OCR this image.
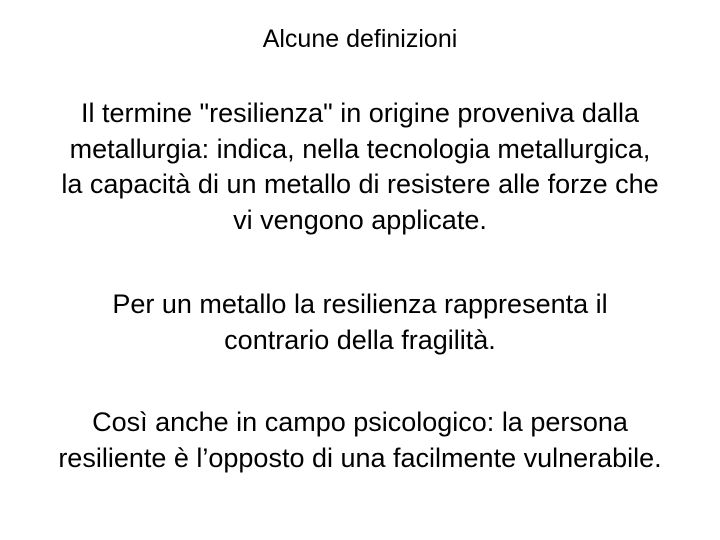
Alcune definizioni
Il termine "resilienza" in origine proveniva dalla
metallurgia: indica, nella tecnologia metallurgica,
la capacità di un metallo di resistere alle forze che
vi vengono applicate.
Per un metallo la resilienza rappresenta il
contrario della fragilità.
Così anche in campo psicologico: la persona
resiliente è l’opposto di una facilmente vulnerabile.
